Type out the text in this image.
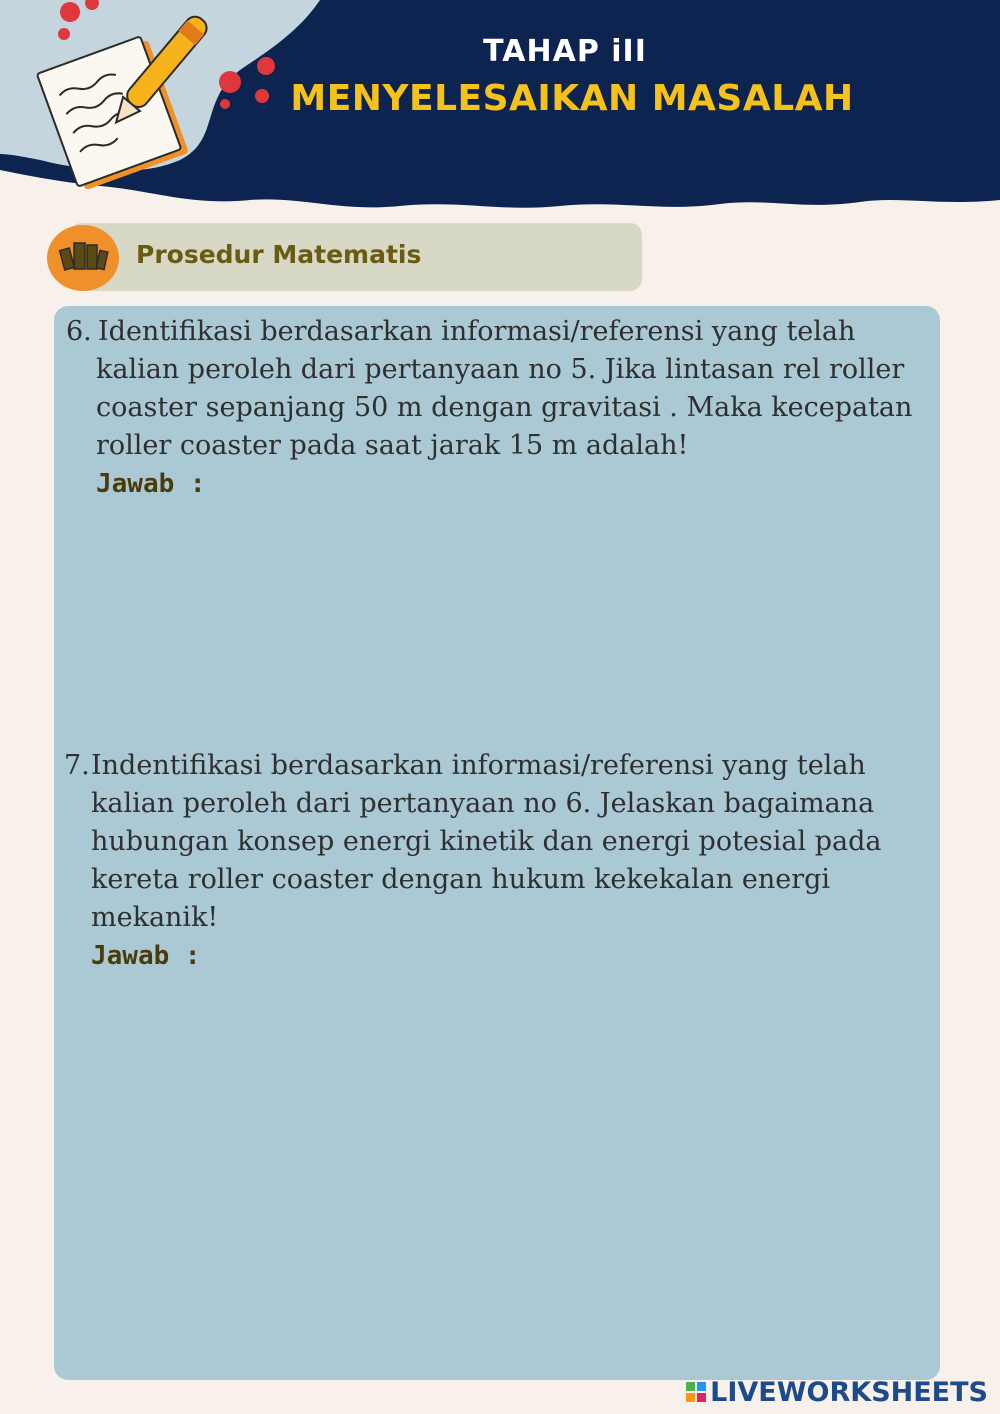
TAHAP iII
MENYELESAIKAN MASALAH
Prosedur Matematis
6. Identifikasi berdasarkan informasi/referensi yang telah
kalian peroleh dari pertanyaan no 5. Jika lintasan rel roller
coaster sepanjang 50 m dengan gravitasi . Maka kecepatan
roller coaster pada saat jarak 15 m adalah!
Jawab :
7.Indentifikasi berdasarkan informasi/referensi yang telah
kalian peroleh dari pertanyaan no 6. Jelaskan bagaimana
hubungan konsep energi kinetik dan energi potesial pada
kereta roller coaster dengan hukum kekekalan energi
mekanik!
Jawab :
LIVEWORKSHEETS
